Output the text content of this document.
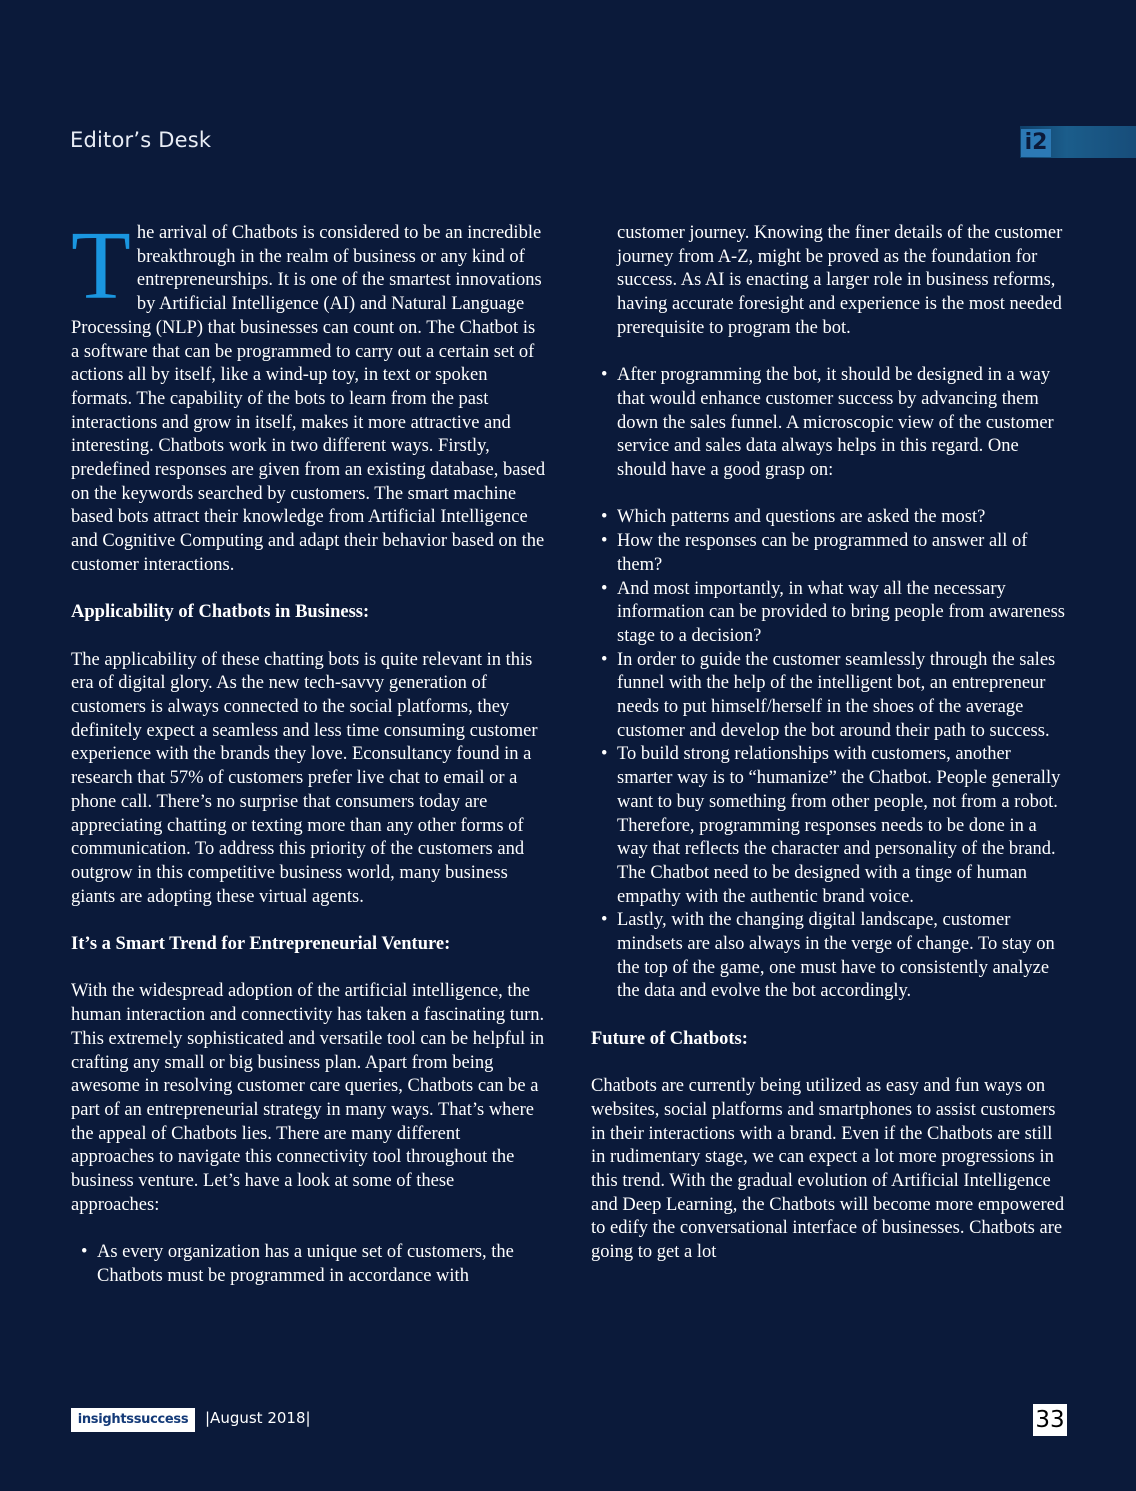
Editor’s Desk	i2

The arrival of Chatbots is considered to be an incredible breakthrough in the realm of business or any kind of entrepreneurships. It is one of the smartest innovations by Artificial Intelligence (AI) and Natural Language Processing (NLP) that businesses can count on. The Chatbot is a software that can be programmed to carry out a certain set of actions all by itself, like a wind-up toy, in text or spoken formats. The capability of the bots to learn from the past interactions and grow in itself, makes it more attractive and interesting. Chatbots work in two different ways. Firstly, predefined responses are given from an existing database, based on the keywords searched by customers. The smart machine based bots attract their knowledge from Artificial Intelligence and Cognitive Computing and adapt their behavior based on the customer interactions.

Applicability of Chatbots in Business:

The applicability of these chatting bots is quite relevant in this era of digital glory. As the new tech-savvy generation of customers is always connected to the social platforms, they definitely expect a seamless and less time consuming customer experience with the brands they love. Econsultancy found in a research that 57% of customers prefer live chat to email or a phone call. There’s no surprise that consumers today are appreciating chatting or texting more than any other forms of communication. To address this priority of the customers and outgrow in this competitive business world, many business giants are adopting these virtual agents.

It’s a Smart Trend for Entrepreneurial Venture:

With the widespread adoption of the artificial intelligence, the human interaction and connectivity has taken a fascinating turn. This extremely sophisticated and versatile tool can be helpful in crafting any small or big business plan. Apart from being awesome in resolving customer care queries, Chatbots can be a part of an entrepreneurial strategy in many ways. That’s where the appeal of Chatbots lies. There are many different approaches to navigate this connectivity tool throughout the business venture. Let’s have a look at some of these approaches:

• As every organization has a unique set of customers, the Chatbots must be programmed in accordance with

customer journey. Knowing the finer details of the customer journey from A-Z, might be proved as the foundation for success. As AI is enacting a larger role in business reforms, having accurate foresight and experience is the most needed prerequisite to program the bot.

• After programming the bot, it should be designed in a way that would enhance customer success by advancing them down the sales funnel. A microscopic view of the customer service and sales data always helps in this regard. One should have a good grasp on:
• Which patterns and questions are asked the most?
• How the responses can be programmed to answer all of them?
• And most importantly, in what way all the necessary information can be provided to bring people from awareness stage to a decision?
• In order to guide the customer seamlessly through the sales funnel with the help of the intelligent bot, an entrepreneur needs to put himself/herself in the shoes of the average customer and develop the bot around their path to success.
• To build strong relationships with customers, another smarter way is to “humanize” the Chatbot. People generally want to buy something from other people, not from a robot. Therefore, programming responses needs to be done in a way that reflects the character and personality of the brand. The Chatbot need to be designed with a tinge of human empathy with the authentic brand voice.
• Lastly, with the changing digital landscape, customer mindsets are also always in the verge of change. To stay on the top of the game, one must have to consistently analyze the data and evolve the bot accordingly.
Future of Chatbots:

Chatbots are currently being utilized as easy and fun ways on websites, social platforms and smartphones to assist customers in their interactions with a brand. Even if the Chatbots are still in rudimentary stage, we can expect a lot more progressions in this trend. With the gradual evolution of Artificial Intelligence and Deep Learning, the Chatbots will become more empowered to edify the conversational interface of businesses. Chatbots are going to get a lot

insightssuccess	|August 2018|	33
